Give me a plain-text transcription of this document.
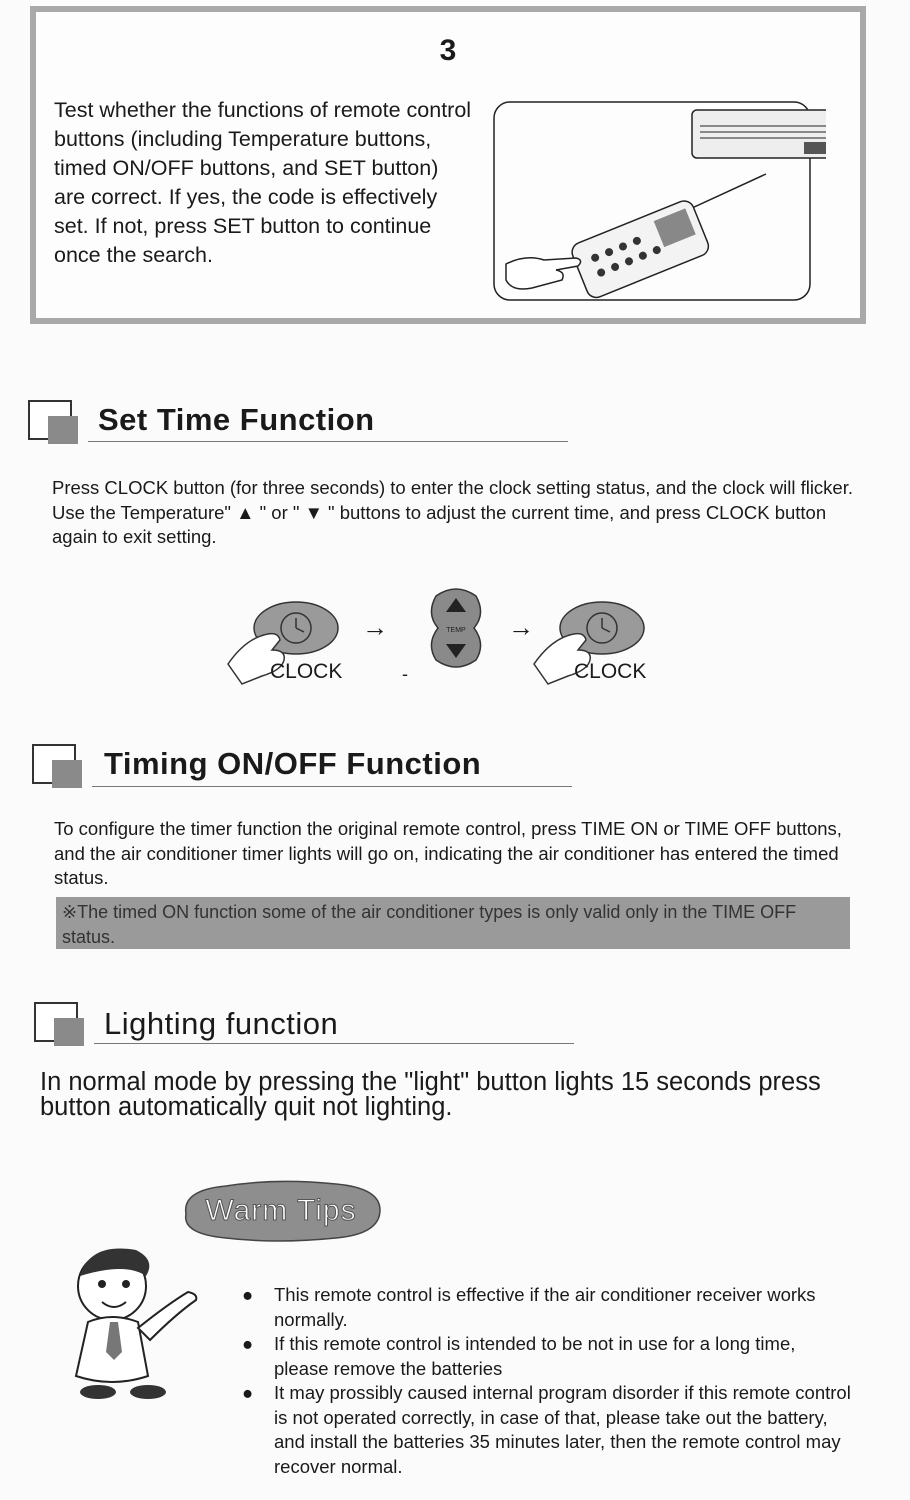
3
Test whether the functions of remote control buttons (including Temperature buttons, timed ON/OFF buttons, and SET button) are correct. If yes, the code is effectively set. If not, press SET button to continue once the search.
Set Time Function
Press CLOCK button (for three seconds) to enter the clock setting status, and the clock will flicker. Use the Temperature" ▲ " or " ▼ " buttons to adjust the current time, and press CLOCK button again to exit setting.
CLOCK
→	TEMP
-
→
CLOCK
Timing ON/OFF Function
To configure the timer function the original remote control, press TIME ON or TIME OFF buttons, and the air conditioner timer lights will go on, indicating the air conditioner has entered the timed status.
※The timed ON function some of the air conditioner types is only valid only in the TIME OFF status.
Lighting function
In normal mode by pressing the "light" button lights 15 seconds press button automatically quit not lighting.
Warm Tips
● This remote control is effective if the air conditioner receiver works normally.
● If this remote control is intended to be not in use for a long time, please remove the batteries
● It may prossibly caused internal program disorder if this remote control is not operated correctly, in case of that, please take out the battery, and install the batteries 35 minutes later, then the remote control may recover normal.
